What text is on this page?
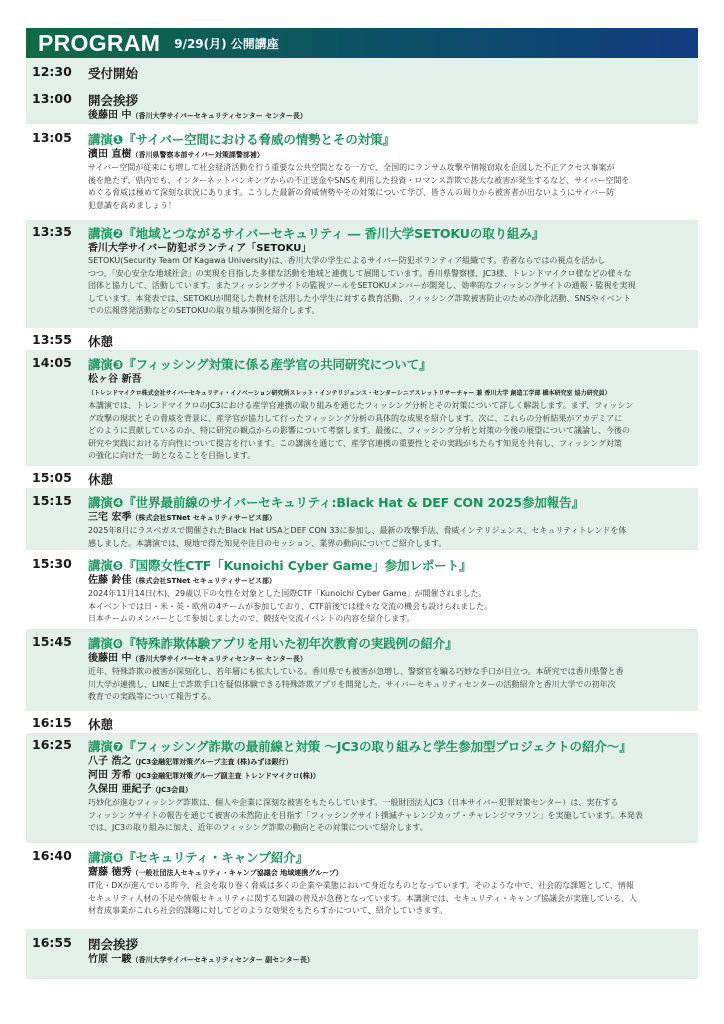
PROGRAM 9/29(月) 公開講座
12:30	受付開始
13:00	開会挨拶
後藤田 中（香川大学サイバーセキュリティセンター センター長）
13:05	講演❶『サイバー空間における脅威の情勢とその対策』
濱田 直樹（香川県警察本部サイバー対策課警部補）
サイバー空間が従来にも増して社会経済活動を行う重要な公共空間となる一方で、全国的にランサム攻撃や情報窃取を企図した不正アクセス事案が
後を絶たず、県内でも、インターネットバンキングからの不正送金やSNSを利用した投資・ロマンス詐欺で甚大な被害が発生するなど、サイバー空間を
めぐる脅威は極めて深刻な状況にあります。こうした最新の脅威情勢やその対策について学び、皆さんの周りから被害者が出ないようにサイバー防
犯意識を高めましょう！
13:35	講演❷『地域とつながるサイバーセキュリティ ― 香川大学SETOKUの取り組み』
香川大学サイバー防犯ボランティア「SETOKU」
SETOKU(Security Team Of Kagawa University)は、香川大学の学生によるサイバー防犯ボランティア組織です。若者ならではの視点を活かし
つつ、「安心安全な地域社会」の実現を目指した多様な活動を地域と連携して展開しています。香川県警察様、JC3様、トレンドマイクロ様などの様々な
団体と協力して、活動しています。またフィッシングサイトの監視ツールをSETOKUメンバーが開発し、効率的なフィッシングサイトの通報・監視を実現
しています。本発表では、SETOKUが開発した教材を活用した小学生に対する教育活動、フィッシング詐欺被害防止のための浄化活動、SNSやイベント
での広報啓発活動などのSETOKUの取り組み事例を紹介します。
13:55	休憩
14:05	講演❸『フィッシング対策に係る産学官の共同研究について』
松ヶ谷 新吾
（トレンドマイクロ株式会社サイバーセキュリティ・イノベーション研究所スレット・インテリジェンス・センターシニアスレットリサーチャー 兼 香川大学 創造工学部 橋本研究室 協力研究員）
本講演では、トレンドマイクロのJC3における産学官連携の取り組みを通じたフィッシング分析とその対策について詳しく解説します。まず、フィッシン
グ攻撃の現状とその脅威を背景に、産学官が協力して行ったフィッシング分析の具体的な成果を紹介します。次に、これらの分析結果がアカデミアに
どのように貢献しているのか、特に研究の観点からの影響について考察します。最後に、フィッシング分析と対策の今後の展望について議論し、今後の
研究や実践における方向性について提言を行います。この講演を通じて、産学官連携の重要性とその実践がもたらす知見を共有し、フィッシング対策
の強化に向けた一助となることを目指します。
15:05	休憩
15:15	講演❹『世界最前線のサイバーセキュリティ:Black Hat & DEF CON 2025参加報告』
三宅 宏季（株式会社STNet セキュリティサービス部）
2025年8月にラスベガスで開催されたBlack Hat USAとDEF CON 33に参加し、最新の攻撃手法、脅威インテリジェンス、セキュリティトレンドを体
感しました。本講演では、現地で得た知見や注目のセッション、業界の動向についてご紹介します。
15:30	講演❺『国際女性CTF「Kunoichi Cyber Game」参加レポート』
佐藤 鈴佳（株式会社STNet セキュリティサービス部）
2024年11月14日(木)、29歳以下の女性を対象とした国際CTF「Kunoichi Cyber Game」が開催されました。
本イベントでは日・米・英・欧州の4チームが参加しており、CTF前後では様々な交流の機会も設けられました。
日本チームのメンバーとして参加しましたので、競技や交流イベントの内容を紹介します。
15:45	講演❻『特殊詐欺体験アプリを用いた初年次教育の実践例の紹介』
後藤田 中（香川大学サイバーセキュリティセンター センター長）
近年、特殊詐欺の被害が深刻化し、若年層にも拡大している。香川県でも被害が急増し、警察官を騙る巧妙な手口が目立つ。本研究では香川県警と香
川大学が連携し、LINE上で詐欺手口を疑似体験できる特殊詐欺アプリを開発した。サイバーセキュリティセンターの活動紹介と香川大学での初年次
教育での実践等について報告する。
16:15	休憩
16:25	講演❼『フィッシング詐欺の最前線と対策 〜JC3の取り組みと学生参加型プロジェクトの紹介〜』
八子 浩之（JC3金融犯罪対策グループ主査 (株)みずほ銀行）
河田 芳希（JC3金融犯罪対策グループ副主査 トレンドマイクロ(株)）
久保田 亜紀子（JC3会員）
巧妙化が進むフィッシング詐欺は、個人や企業に深刻な被害をもたらしています。一般財団法人JC3（日本サイバー犯罪対策センター）は、実在する
フィッシングサイトの報告を通じて被害の未然防止を目指す「フィッシングサイト撲滅チャレンジカップ・チャレンジマラソン」を実施しています。本発表
では、JC3の取り組みに加え、近年のフィッシング詐欺の動向とその対策について紹介します。
16:40	講演❽『セキュリティ・キャンプ紹介』
齋藤 徳秀（一般社団法人セキュリティ・キャンプ協議会 地域連携グループ）
IT化・DXが進んでいる昨今、社会を取り巻く脅威は多くの企業や業態において身近なものとなっています。そのような中で、社会的な課題として、情報
セキュリティ人材の不足や情報セキュリティに関する知識の普及が急務となっています。本講演では、セキュリティ・キャンプ協議会が実施している、人
材育成事業がこれら社会的課題に対してどのような効果をもたらすかについて、紹介していきます。
16:55	閉会挨拶
竹原 一駿（香川大学サイバーセキュリティセンター 副センター長）
